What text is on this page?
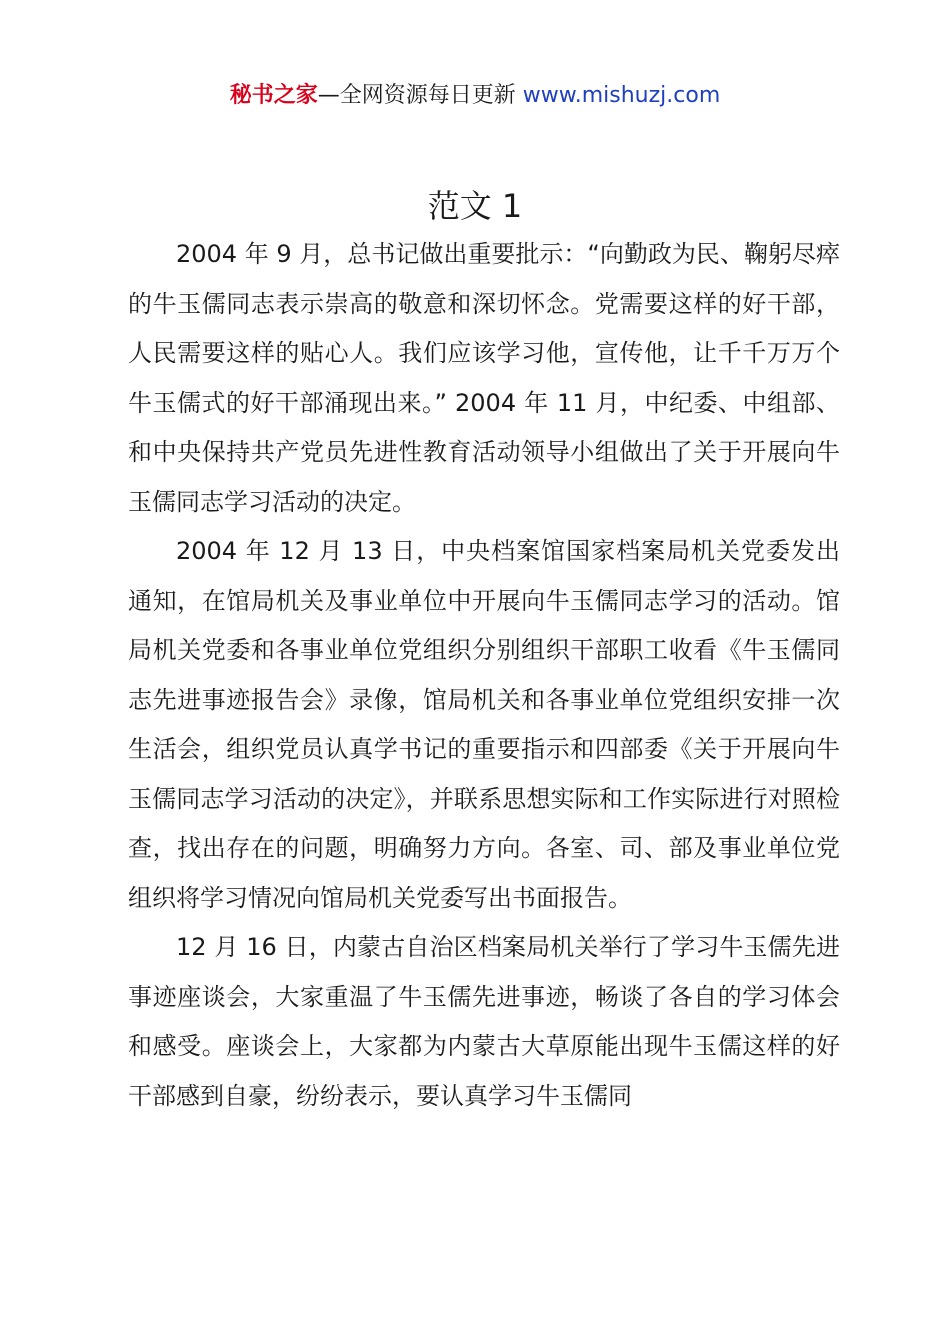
秘书之家—全网资源每日更新 www.mishuzj.com
范文 1

2004 年 9 月，总书记做出重要批示：“向勤政为民、鞠躬尽瘁的牛玉儒同志表示崇高的敬意和深切怀念。党需要这样的好干部，人民需要这样的贴心人。我们应该学习他，宣传他，让千千万万个牛玉儒式的好干部涌现出来。” 2004 年 11 月，中纪委、中组部、和中央保持共产党员先进性教育活动领导小组做出了关于开展向牛玉儒同志学习活动的决定。

2004 年 12 月 13 日，中央档案馆国家档案局机关党委发出通知，在馆局机关及事业单位中开展向牛玉儒同志学习的活动。馆局机关党委和各事业单位党组织分别组织干部职工收看《牛玉儒同志先进事迹报告会》录像，馆局机关和各事业单位党组织安排一次生活会，组织党员认真学书记的重要指示和四部委《关于开展向牛玉儒同志学习活动的决定》，并联系思想实际和工作实际进行对照检查，找出存在的问题，明确努力方向。各室、司、部及事业单位党组织将学习情况向馆局机关党委写出书面报告。

12 月 16 日，内蒙古自治区档案局机关举行了学习牛玉儒先进事迹座谈会，大家重温了牛玉儒先进事迹，畅谈了各自的学习体会和感受。座谈会上，大家都为内蒙古大草原能出现牛玉儒这样的好干部感到自豪，纷纷表示，要认真学习牛玉儒同
